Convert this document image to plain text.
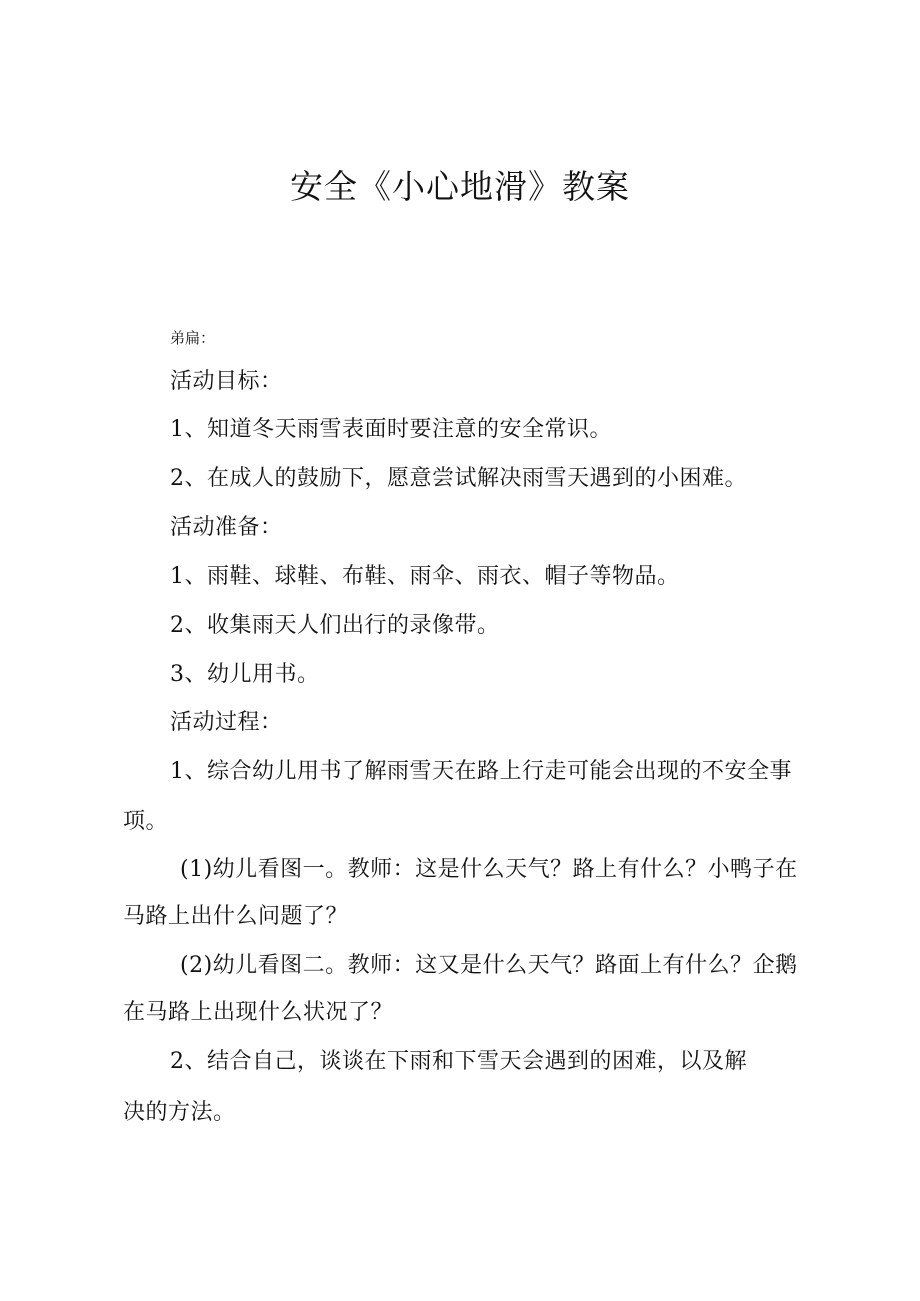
安全《小心地滑》教案
弟扁：
活动目标：
1、知道冬天雨雪表面时要注意的安全常识。
2、在成人的鼓励下，愿意尝试解决雨雪天遇到的小困难。
活动准备：
1、雨鞋、球鞋、布鞋、雨伞、雨衣、帽子等物品。
2、收集雨天人们出行的录像带。
3、幼儿用书。
活动过程：
1、综合幼儿用书了解雨雪天在路上行走可能会出现的不安全事
项。
(1)幼儿看图一。教师：这是什么天气？路上有什么？小鸭子在
马路上出什么问题了？
(2)幼儿看图二。教师：这又是什么天气？路面上有什么？企鹅
在马路上出现什么状况了？
2、结合自己，谈谈在下雨和下雪天会遇到的困难，以及解
决的方法。
